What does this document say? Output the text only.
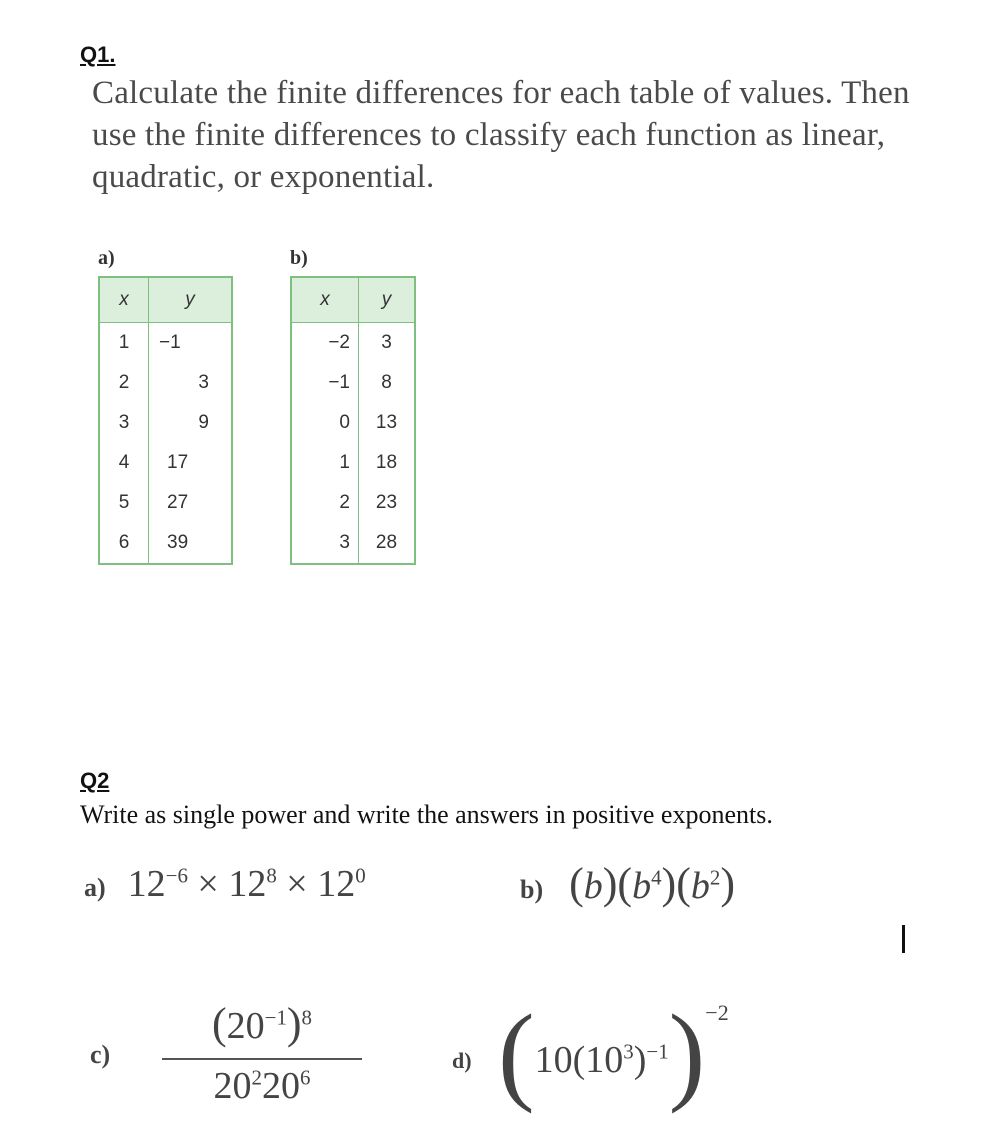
Q1.
Calculate the finite differences for each table of values. Then use the finite differences to classify each function as linear, quadratic, or exponential.
a)
x	y
1	−1
2	3
3	9
4	17
5	27
6	39
b)
x	y
−2	3
−1	8
0	13
1	18
2	23
3	28
Q2
Write as single power and write the answers in positive exponents.
a) $12^{-6} \times 12^8 \times 12^0$	b) $(b)(b^4)(b^2)$
c)
$(20^{-1})^8$
$20^220^6$
d) $(10(10^3)^{-1})^{-2}$
